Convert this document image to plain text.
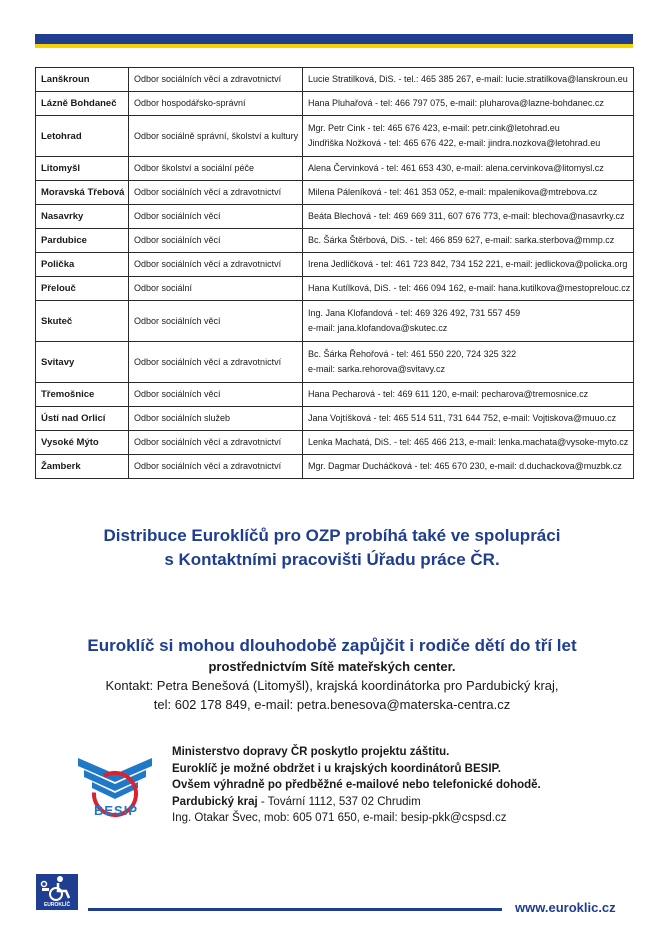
Lanškroun	Odbor sociálních věcí a zdravotnictví	Lucie Stratilková, DiS. - tel.: 465 385 267, e-mail: lucie.stratilkova@lanskroun.eu

Lázně Bohdaneč	Odbor hospodářsko-správní	Hana Pluhařová - tel: 466 797 075, e-mail: pluharova@lazne-bohdanec.cz

Letohrad	Odbor sociálně správní, školství a kultury	Mgr. Petr Cink - tel: 465 676 423, e-mail: petr.cink@letohrad.eu
Jindřiška Nožková - tel: 465 676 422, e-mail: jindra.nozkova@letohrad.eu

Litomyšl	Odbor školství a sociální péče	Alena Červinková - tel: 461 653 430, e-mail: alena.cervinkova@litomysl.cz

Moravská Třebová	Odbor sociálních věcí a zdravotnictví	Milena Páleníková - tel: 461 353 052, e-mail: mpalenikova@mtrebova.cz

Nasavrky	Odbor sociálních věcí	Beáta Blechová - tel: 469 669 311, 607 676 773, e-mail: blechova@nasavrky.cz

Pardubice	Odbor sociálních věcí	Bc. Šárka Štěrbová, DiS. - tel: 466 859 627, e-mail: sarka.sterbova@mmp.cz

Polička	Odbor sociálních věcí a zdravotnictví	Irena Jedličková - tel: 461 723 842, 734 152 221, e-mail: jedlickova@policka.org

Přelouč	Odbor sociální	Hana Kutílková, DiS. - tel: 466 094 162, e-mail: hana.kutilkova@mestoprelouc.cz

Skuteč	Odbor sociálních věcí	Ing. Jana Klofandová - tel: 469 326 492, 731 557 459
e-mail: jana.klofandova@skutec.cz

Svitavy	Odbor sociálních věcí a zdravotnictví	Bc. Šárka Řehořová - tel: 461 550 220, 724 325 322
e-mail: sarka.rehorova@svitavy.cz

Třemošnice	Odbor sociálních věcí	Hana Pecharová - tel: 469 611 120, e-mail: pecharova@tremosnice.cz

Ústí nad Orlicí	Odbor sociálních služeb	Jana Vojtíšková - tel: 465 514 511, 731 644 752, e-mail: Vojtiskova@muuo.cz

Vysoké Mýto	Odbor sociálních věcí a zdravotnictví	Lenka Machatá, DiS. - tel: 465 466 213, e-mail: lenka.machata@vysoke-myto.cz

Žamberk	Odbor sociálních věcí a zdravotnictví	Mgr. Dagmar Ducháčková - tel: 465 670 230, e-mail: d.duchackova@muzbk.cz
Distribuce Euroklíčů pro OZP probíhá také ve spolupráci
s Kontaktními pracovišti Úřadu práce ČR.
Euroklíč si mohou dlouhodobě zapůjčit i rodiče dětí do tří let
prostřednictvím Sítě mateřských center.
Kontakt: Petra Benešová (Litomyšl), krajská koordinátorka pro Pardubický kraj,
tel: 602 178 849, e-mail: petra.benesova@materska-centra.cz
BESIP
Ministerstvo dopravy ČR poskytlo projektu záštitu.
Euroklíč je možné obdržet i u krajských koordinátorů BESIP.
Ovšem výhradně po předběžné e-mailové nebo telefonické dohodě.
Pardubický kraj - Tovární 1112, 537 02 Chrudim
Ing. Otakar Švec, mob: 605 071 650, e-mail: besip-pkk@cspsd.cz
EUROKLÍČ	www.euroklic.cz
